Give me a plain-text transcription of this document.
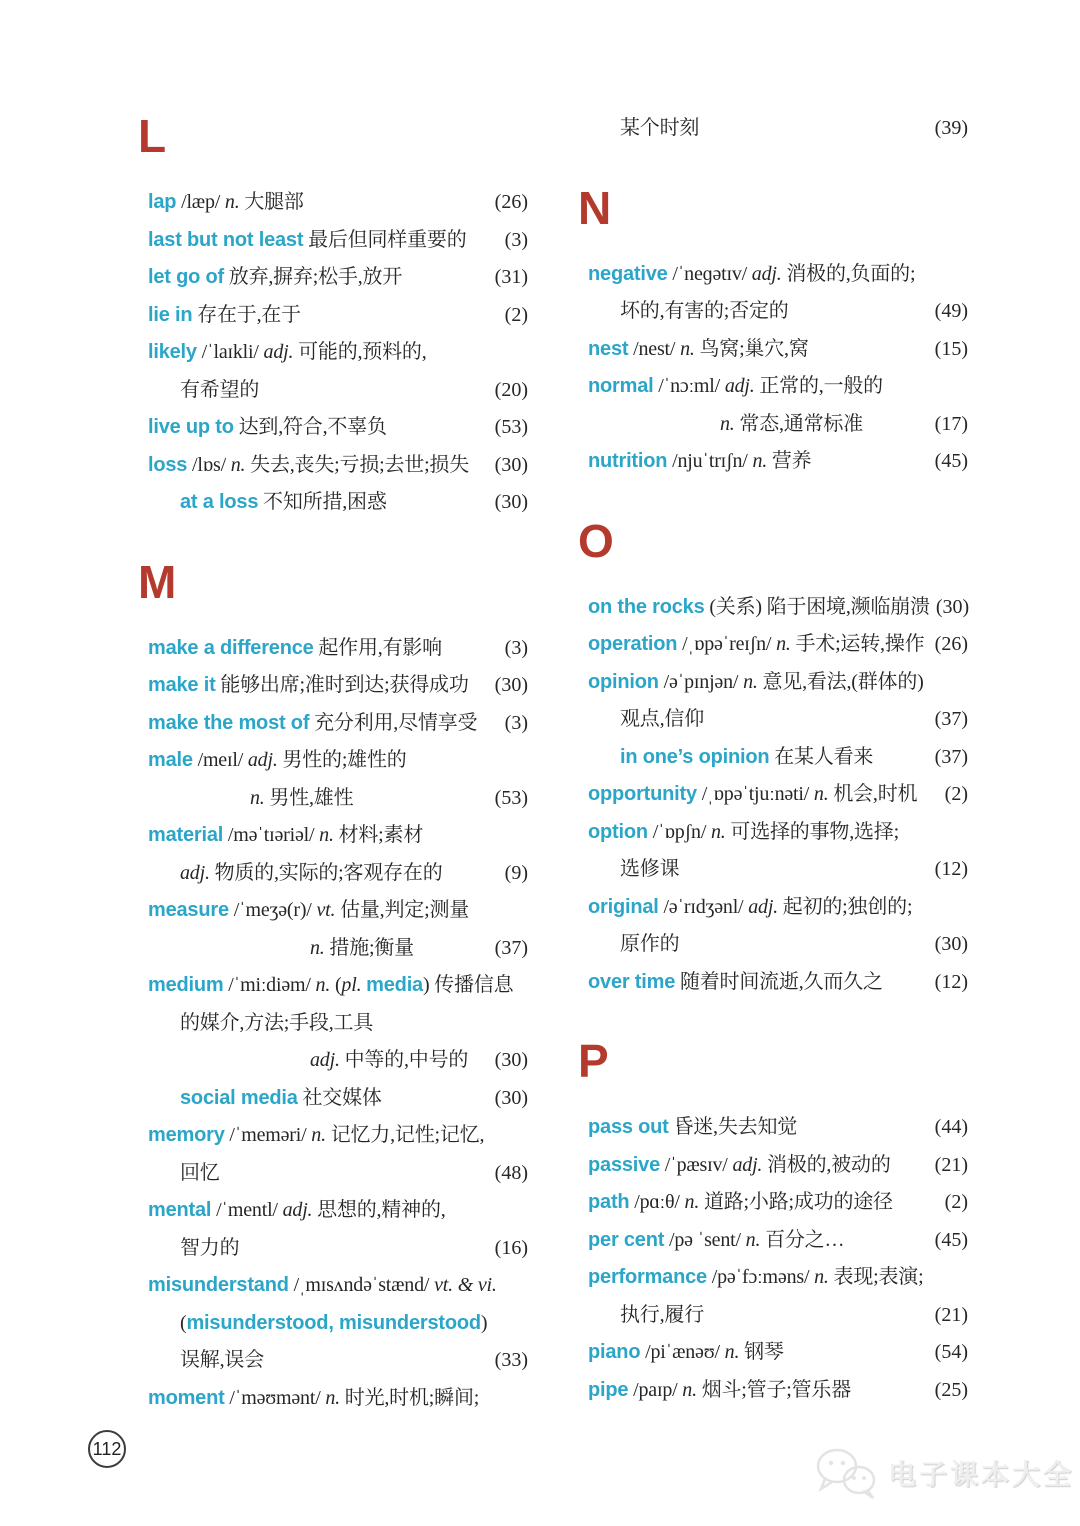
L
lap /læp/ n. 大腿部	(26)
last but not least 最后但同样重要的	(3)
let go of 放弃,摒弃;松手,放开	(31)
lie in 存在于,在于	(2)
likely /ˈlaɪkli/ adj. 可能的,预料的,
有希望的	(20)
live up to 达到,符合,不辜负	(53)
loss /lɒs/ n. 失去,丧失;亏损;去世;损失	(30)
at a loss 不知所措,困惑	(30)
M
make a difference 起作用,有影响	(3)
make it 能够出席;准时到达;获得成功	(30)
make the most of 充分利用,尽情享受	(3)
male /meɪl/ adj. 男性的;雄性的
n. 男性,雄性	(53)
material /məˈtɪəriəl/ n. 材料;素材
adj. 物质的,实际的;客观存在的	(9)
measure /ˈmeʒə(r)/ vt. 估量,判定;测量
n. 措施;衡量	(37)
medium /ˈmiːdiəm/ n. (pl. media) 传播信息
的媒介,方法;手段,工具
adj. 中等的,中号的	(30)
social media 社交媒体	(30)
memory /ˈmeməri/ n. 记忆力,记性;记忆,
回忆	(48)
mental /ˈmentl/ adj. 思想的,精神的,
智力的	(16)
misunderstand /ˌmɪsʌndəˈstænd/ vt. & vi.
(misunderstood, misunderstood)
误解,误会	(33)
moment /ˈməʊmənt/ n. 时光,时机;瞬间;
某个时刻	(39)
N
negative /ˈneɡətɪv/ adj. 消极的,负面的;
坏的,有害的;否定的	(49)
nest /nest/ n. 鸟窝;巢穴,窝	(15)
normal /ˈnɔːml/ adj. 正常的,一般的
n. 常态,通常标准	(17)
nutrition /njuˈtrɪʃn/ n. 营养	(45)
O
on the rocks (关系) 陷于困境,濒临崩溃 (30)
operation /ˌɒpəˈreɪʃn/ n. 手术;运转,操作 (26)
opinion /əˈpɪnjən/ n. 意见,看法,(群体的)
观点,信仰	(37)
in one’s opinion 在某人看来	(37)
opportunity /ˌɒpəˈtjuːnəti/ n. 机会,时机	(2)
option /ˈɒpʃn/ n. 可选择的事物,选择;
选修课	(12)
original /əˈrɪdʒənl/ adj. 起初的;独创的;
原作的	(30)
over time 随着时间流逝,久而久之	(12)
P
pass out 昏迷,失去知觉	(44)
passive /ˈpæsɪv/ adj. 消极的,被动的	(21)
path /pɑːθ/ n. 道路;小路;成功的途径	(2)
per cent /pə ˈsent/ n. 百分之…	(45)
performance /pəˈfɔːməns/ n. 表现;表演;
执行,履行	(21)
piano /piˈænəʊ/ n. 钢琴	(54)
pipe /paɪp/ n. 烟斗;管子;管乐器	(25)
112
电子课本大全
